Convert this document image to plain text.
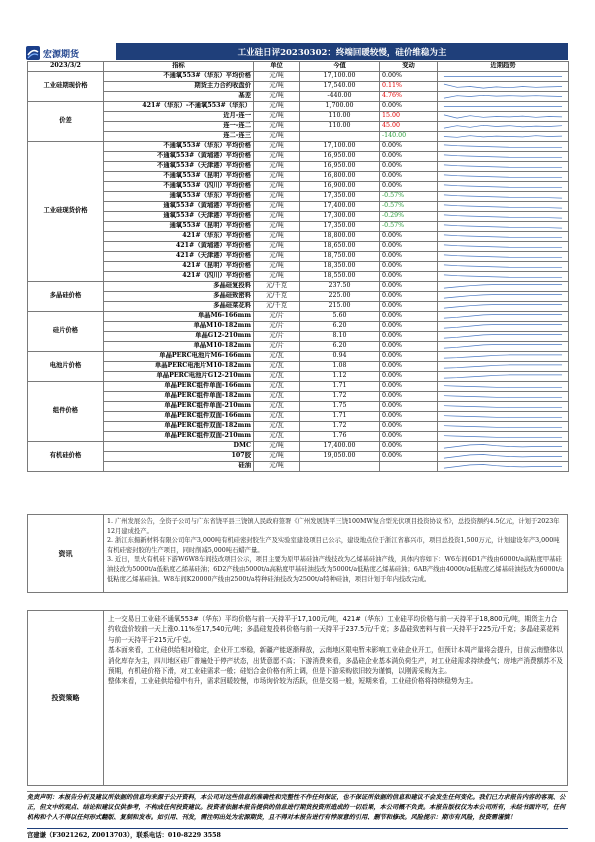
宏源期货	工业硅日评20230302：终端回暖较慢，硅价维稳为主
2023/3/2	指标	单位	今值	变动	近期趋势
工业硅期现价格	不通氧553#（华东）平均价格	元/吨	17,100.00	0.00%	

	期货主力合约收盘价	元/吨	17,540.00	0.11%	

	基差	元/吨	-440.00	4.76%	

价差	421#（华东）-不通氧553#（华东）	元/吨	1,700.00	0.00%	

	近月-连一	元/吨	110.00	15.00	

	连一-连二	元/吨	110.00	45.00	

	连二-连三	元/吨		-140.00	

工业硅现货价格	不通氧553#（华东）平均价格	元/吨	17,100.00	0.00%	

	不通氧553#（黄埔港）平均价格	元/吨	16,950.00	0.00%	

	不通氧553#（天津港）平均价格	元/吨	16,950.00	0.00%	

	不通氧553#（昆明）平均价格	元/吨	16,800.00	0.00%	

	不通氧553#（四川）平均价格	元/吨	16,900.00	0.00%	

	通氧553#（华东）平均价格	元/吨	17,350.00	-0.57%	

	通氧553#（黄埔港）平均价格	元/吨	17,400.00	-0.57%	

	通氧553#（天津港）平均价格	元/吨	17,300.00	-0.29%	

	通氧553#（昆明）平均价格	元/吨	17,350.00	-0.57%	

	421#（华东）平均价格	元/吨	18,800.00	0.00%	

	421#（黄埔港）平均价格	元/吨	18,650.00	0.00%	

	421#（天津港）平均价格	元/吨	18,750.00	0.00%	

	421#（昆明）平均价格	元/吨	18,350.00	0.00%	

	421#（四川）平均价格	元/吨	18,550.00	0.00%	

多晶硅价格	多晶硅复投料	元/千克	237.50	0.00%	

	多晶硅致密料	元/千克	225.00	0.00%	

	多晶硅菜花料	元/千克	215.00	0.00%	

硅片价格	单晶M6-166mm	元/片	5.60	0.00%	

	单晶M10-182mm	元/片	6.20	0.00%	

	单晶G12-210mm	元/片	8.10	0.00%	

	单晶M10-182mm	元/片	6.20	0.00%	

电池片价格	单晶PERC电池片M6-166mm	元/瓦	0.94	0.00%	

	单晶PERC电池片M10-182mm	元/瓦	1.08	0.00%	

	单晶PERC电池片G12-210mm	元/瓦	1.12	0.00%	

组件价格	单晶PERC组件单面-166mm	元/瓦	1.71	0.00%	

	单晶PERC组件单面-182mm	元/瓦	1.72	0.00%	

	单晶PERC组件单面-210mm	元/瓦	1.75	0.00%	

	单晶PERC组件双面-166mm	元/瓦	1.71	0.00%	

	单晶PERC组件双面-182mm	元/瓦	1.72	0.00%	

	单晶PERC组件双面-210mm	元/瓦	1.76	0.00%	

有机硅价格	DMC	元/吨	17,400.00	0.00%	

	107胶	元/吨	19,050.00	0.00%	

	硅油	元/吨			
资讯
1. 广州发展公告，全资子公司与广东省饶平县三饶镇人民政府签署《广州发展饶平三饶100MW复合型光伏项目投资协议书》，总投资额约4.5亿元，计划于2023年12月建成投产。
2. 浙江东揚新材料有限公司年产3,000吨有机硅密封胶生产及实验室建设项目已公示，建设地点位于浙江省慕兴市，项目总投资1,500万元，计划建设年产3,000吨有机硅密封胶的生产项目，同时削减5,000吨石蜡产量。
3. 近日，里火有机硅下游W6W8车间技改项目公示，项目主要为原甲基硅油产线技改为乙烯基硅油产线，具体内容如下：W6车间6D1产线由6000t/a高粘度甲基硅油技改为5000t/a低粘度乙烯基硅油；6D2产线由5000t/a高粘度甲基硅油技改为5000t/a低粘度乙烯基硅油；6AB产线由4000t/a低粘度乙烯基硅油技改为6000t/a低粘度乙烯基硅油。W8车间K20000产线由2500t/a特种硅油技改为2500t/a特种硅油，项目计划于年内技改完成。
投资策略
上一交易日工业硅不通氧553#（华东）平均价格与前一天持平于17,100元/吨，421#（华东）工业硅平均价格与前一天持平于18,800元/吨，期货主力合约收盘价较前一天上涨0.11%至17,540元/吨；多晶硅复投料价格与前一天持平于237.5元/千克；多晶硅致密料与前一天持平于225元/千克；多晶硅菜花料与前一天持平于215元/千克。
基本面来看，工业硅供给相对稳定，企业开工率稳，新疆产能逐渐释放，云南地区限电暂未影响工业硅企业开工，但预计本周产量将会提升，目前云南整体以消化库存为主，四川地区硅厂普遍处于停产状态，出货意愿不高；下游消费来看，多晶硅企业基本满负荷生产，对工业硅需求持续叠气；房地产消费额苏不及预期，有机硅价格下滑，对工业硅需求一般；硅铝合金价格有所上调，但是下游采购依旧较为谨慎，以刚需采购为主。
整体来看，工业硅供给稳中有升，需求回暖较慢，市场询价较为活跃，但是交易一般，短期来看，工业硅价格将持续稳势为主。
免责声明：本报告分析及建议所依据的信息均来源于公开资料，本公司对这些信息的准确性和完整性不作任何保证，也不保证所依据的信息和建议不会发生任何变化。我们已力求报告内容的客观、公正，但文中的观点、结论和建议仅供参考，不构成任何投资建议。投资者依据本报告提供的信息进行期货投资所造成的一切后果，本公司概不负责。本报告版权仅为本公司所有，未经书面许可，任何机构和个人不得以任何形式翻版、复制和发布。如引用、刊发，需注明出处为宏源期货，且不得对本报告进行有悖原意的引用、删节和修改。风险提示：期市有风险，投资需谨慎！
宫建谦（F3021262, Z0013703），联系电话：010-8229 3558
